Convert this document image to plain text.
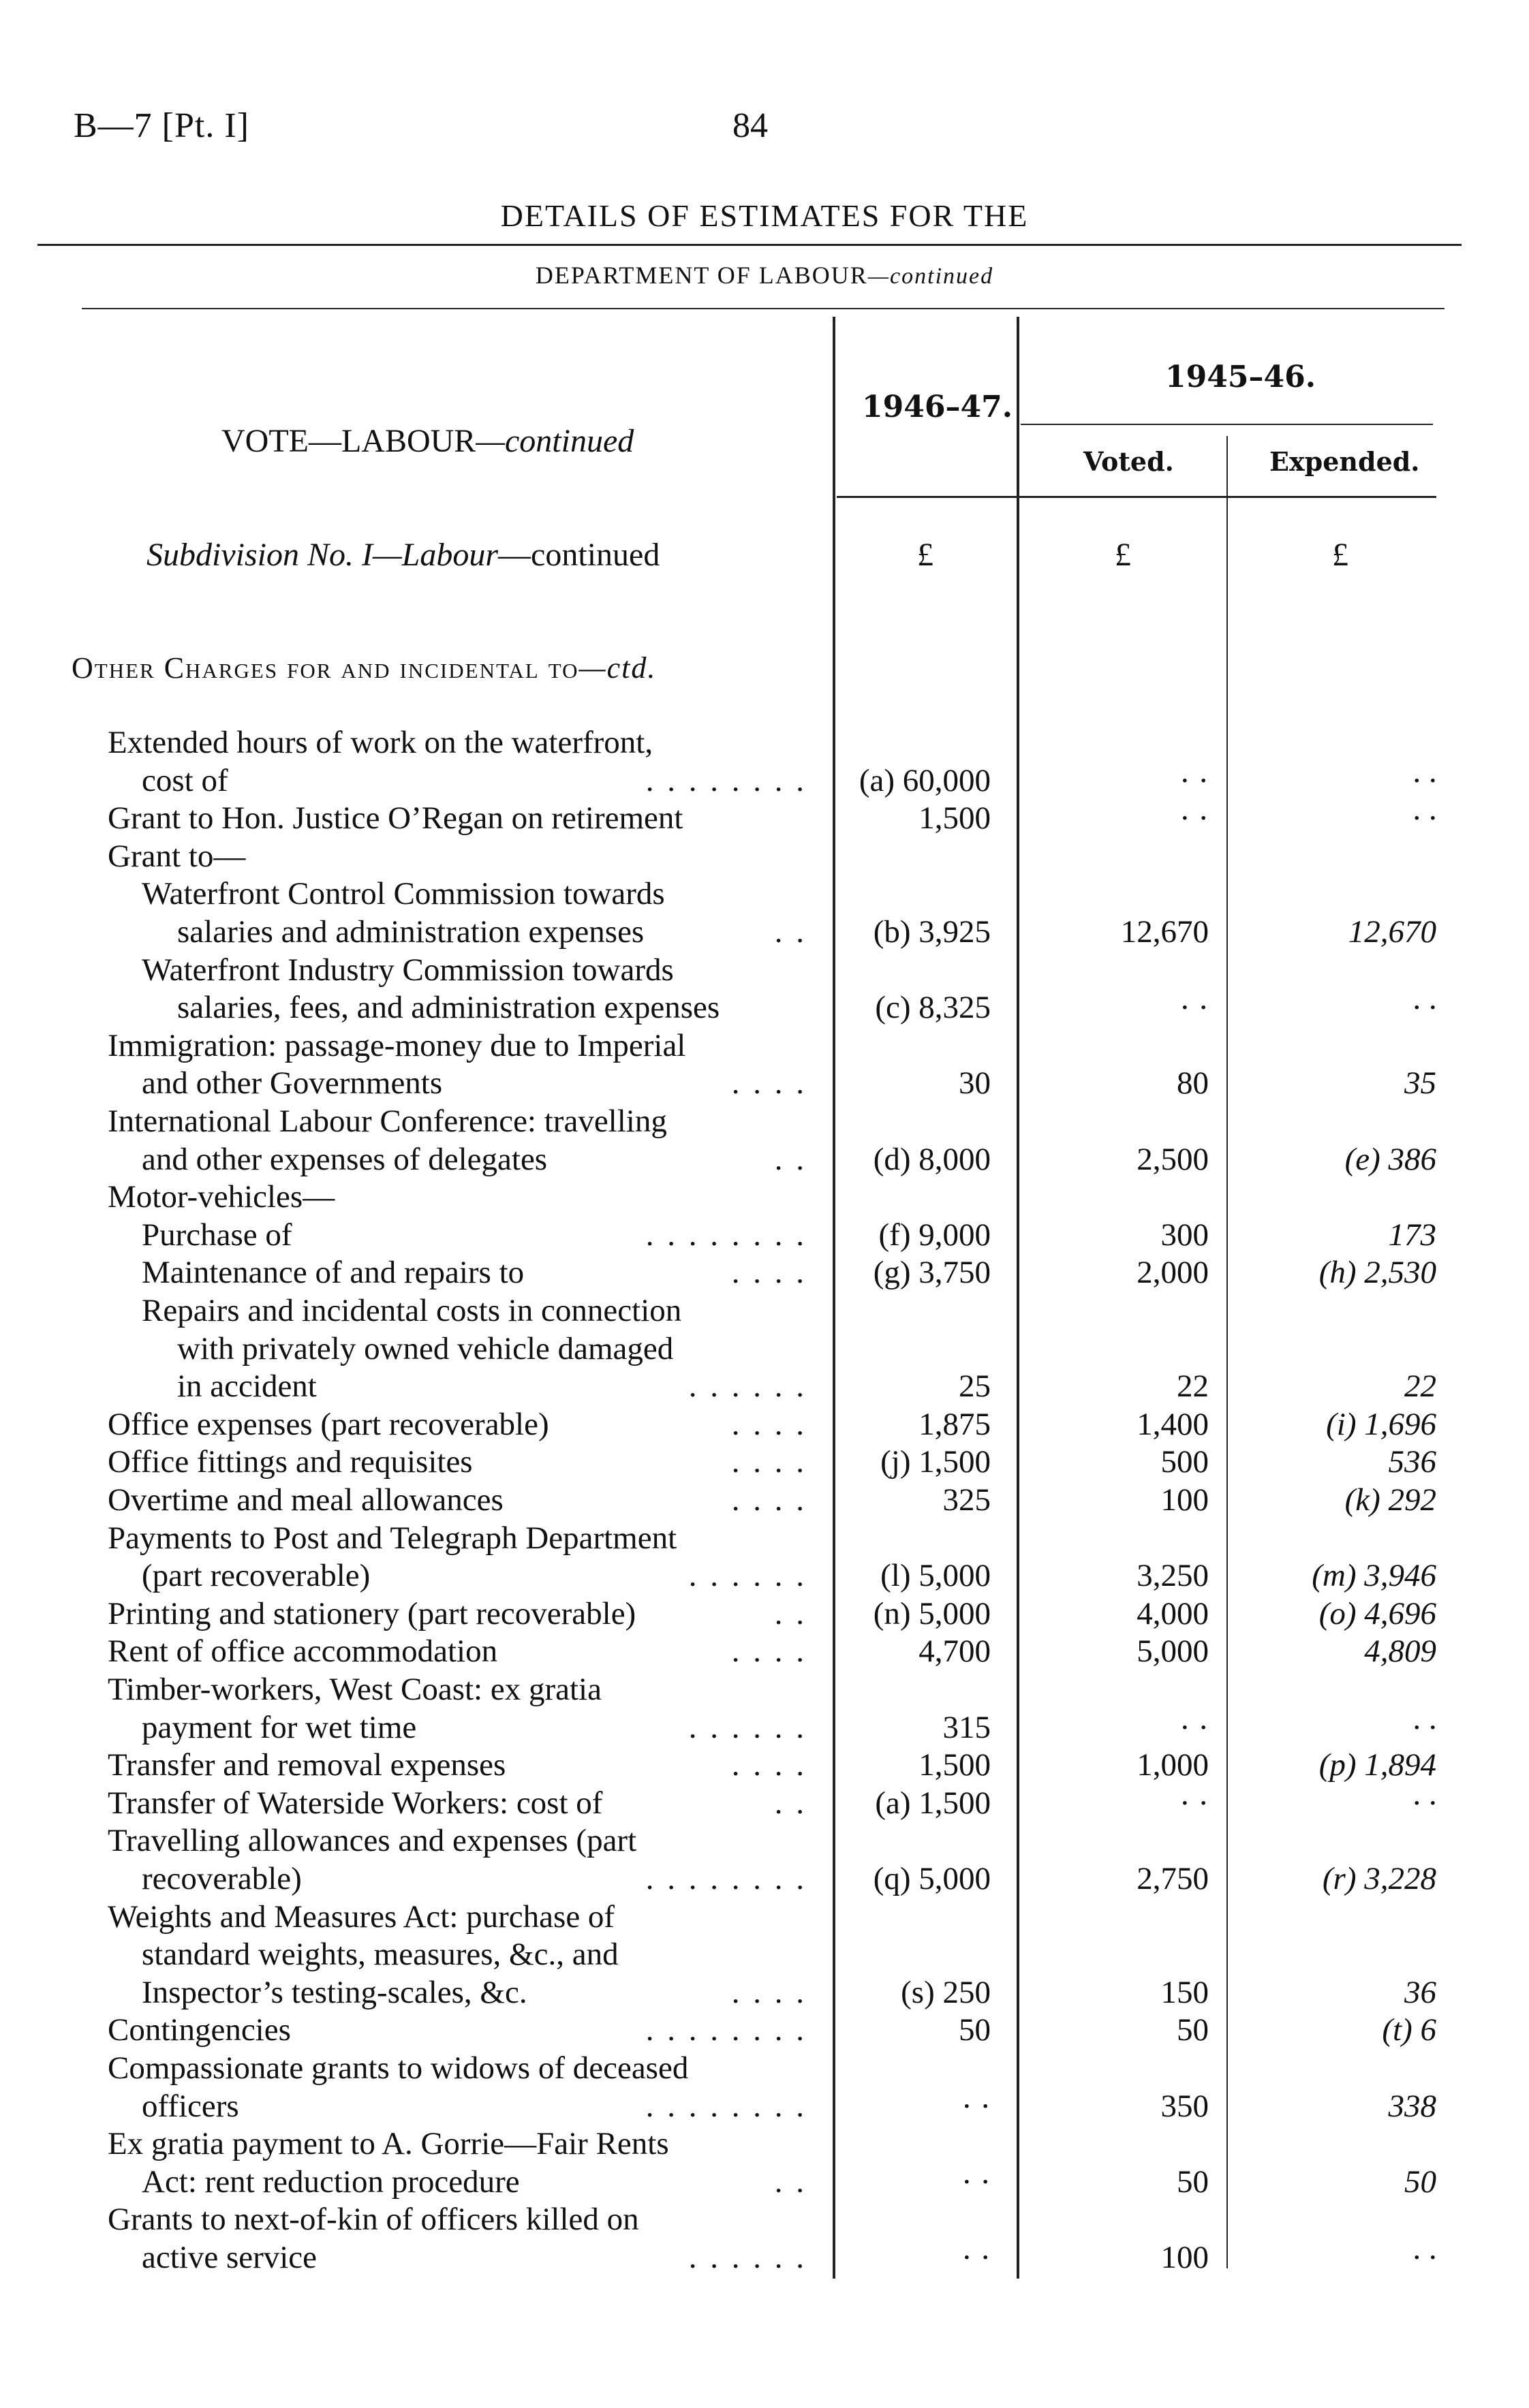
B—7 [Pt. I]	84
DETAILS OF ESTIMATES FOR THE
DEPARTMENT OF LABOUR—continued
VOTE—LABOUR—continued
1946–47.
1945–46.
Voted.	Expended.
Subdivision No. I—Labour—continued	£	£	£
Other Charges for and incidental to—ctd.
Extended hours of work on the waterfront,
cost of	. . . . . . . . (a) 60,000	· ·	· ·
Grant to Hon. Justice O’Regan on retirement	1,500	· ·	· ·
Grant to—
Waterfront Control Commission towards
salaries and administration expenses	. . (b) 3,925	12,670	12,670
Waterfront Industry Commission towards
salaries, fees, and administration expenses	(c) 8,325	· ·	· ·
Immigration: passage-money due to Imperial
and other Governments	. . . .	30	80	35
International Labour Conference: travelling
and other expenses of delegates	. . (d) 8,000	2,500	(e) 386
Motor-vehicles—
Purchase of	. . . . . . . . (f) 9,000	300	173
Maintenance of and repairs to	. . . . (g) 3,750	2,000	(h) 2,530
Repairs and incidental costs in connection
with privately owned vehicle damaged
in accident	. . . . . .	25	22	22
Office expenses (part recoverable)	. . . .	1,875	1,400	(i) 1,696
Office fittings and requisites	. . . . (j) 1,500	500	536
Overtime and meal allowances	. . . .	325	100	(k) 292
Payments to Post and Telegraph Department
(part recoverable)	. . . . . . (l) 5,000	3,250	(m) 3,946
Printing and stationery (part recoverable)	. . (n) 5,000	4,000	(o) 4,696
Rent of office accommodation	. . . .	4,700	5,000	4,809
Timber-workers, West Coast: ex gratia
payment for wet time	. . . . . .	315	· ·	· ·
Transfer and removal expenses	. . . .	1,500	1,000	(p) 1,894
Transfer of Waterside Workers: cost of	. . (a) 1,500	· ·	· ·
Travelling allowances and expenses (part
recoverable)	. . . . . . . . (q) 5,000	2,750	(r) 3,228
Weights and Measures Act: purchase of
standard weights, measures, &c., and
Inspector’s testing-scales, &c.	. . . .	(s) 250	150	36
Contingencies	. . . . . . . .	50	50	(t) 6
Compassionate grants to widows of deceased
officers	. . . . . . . .	· ·	350	338
Ex gratia payment to A. Gorrie—Fair Rents
Act: rent reduction procedure	. .	· ·	50	50
Grants to next-of-kin of officers killed on
active service	. . . . . .	· ·	100	· ·
